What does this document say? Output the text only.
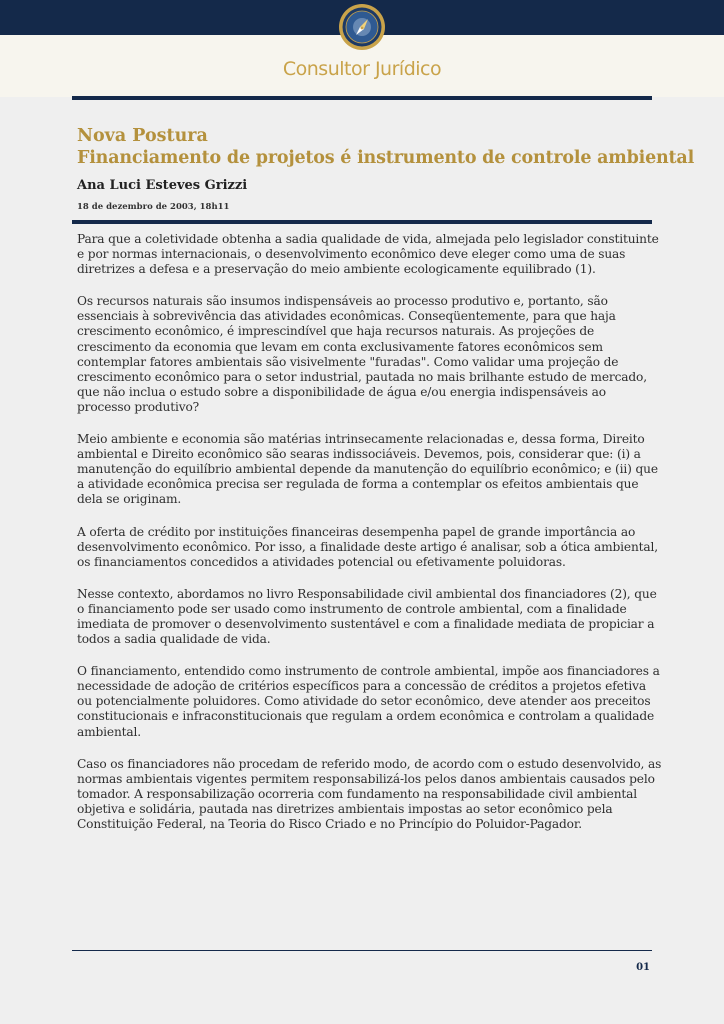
Consultor Jurídico
Nova Postura
Financiamento de projetos é instrumento de controle ambiental
Ana Luci Esteves Grizzi
18 de dezembro de 2003, 18h11

Para que a coletividade obtenha a sadia qualidade de vida, almejada pelo legislador constituinte e por normas internacionais, o desenvolvimento econômico deve eleger como uma de suas diretrizes a defesa e a preservação do meio ambiente ecologicamente equilibrado (1).

Os recursos naturais são insumos indispensáveis ao processo produtivo e, portanto, são essenciais à sobrevivência das atividades econômicas. Conseqüentemente, para que haja crescimento econômico, é imprescindível que haja recursos naturais. As projeções de crescimento da economia que levam em conta exclusivamente fatores econômicos sem contemplar fatores ambientais são visivelmente "furadas". Como validar uma projeção de crescimento econômico para o setor industrial, pautada no mais brilhante estudo de mercado, que não inclua o estudo sobre a disponibilidade de água e/ou energia indispensáveis ao processo produtivo?

Meio ambiente e economia são matérias intrinsecamente relacionadas e, dessa forma, Direito ambiental e Direito econômico são searas indissociáveis. Devemos, pois, considerar que: (i) a manutenção do equilíbrio ambiental depende da manutenção do equilíbrio econômico; e (ii) que a atividade econômica precisa ser regulada de forma a contemplar os efeitos ambientais que dela se originam.

A oferta de crédito por instituições financeiras desempenha papel de grande importância ao desenvolvimento econômico. Por isso, a finalidade deste artigo é analisar, sob a ótica ambiental, os financiamentos concedidos a atividades potencial ou efetivamente poluidoras.

Nesse contexto, abordamos no livro Responsabilidade civil ambiental dos financiadores (2), que o financiamento pode ser usado como instrumento de controle ambiental, com a finalidade imediata de promover o desenvolvimento sustentável e com a finalidade mediata de propiciar a todos a sadia qualidade de vida.

O financiamento, entendido como instrumento de controle ambiental, impõe aos financiadores a necessidade de adoção de critérios específicos para a concessão de créditos a projetos efetiva ou potencialmente poluidores. Como atividade do setor econômico, deve atender aos preceitos constitucionais e infraconstitucionais que regulam a ordem econômica e controlam a qualidade ambiental.

Caso os financiadores não procedam de referido modo, de acordo com o estudo desenvolvido, as normas ambientais vigentes permitem responsabilizá-los pelos danos ambientais causados pelo tomador. A responsabilização ocorreria com fundamento na responsabilidade civil ambiental objetiva e solidária, pautada nas diretrizes ambientais impostas ao setor econômico pela Constituição Federal, na Teoria do Risco Criado e no Princípio do Poluidor-Pagador.

01
